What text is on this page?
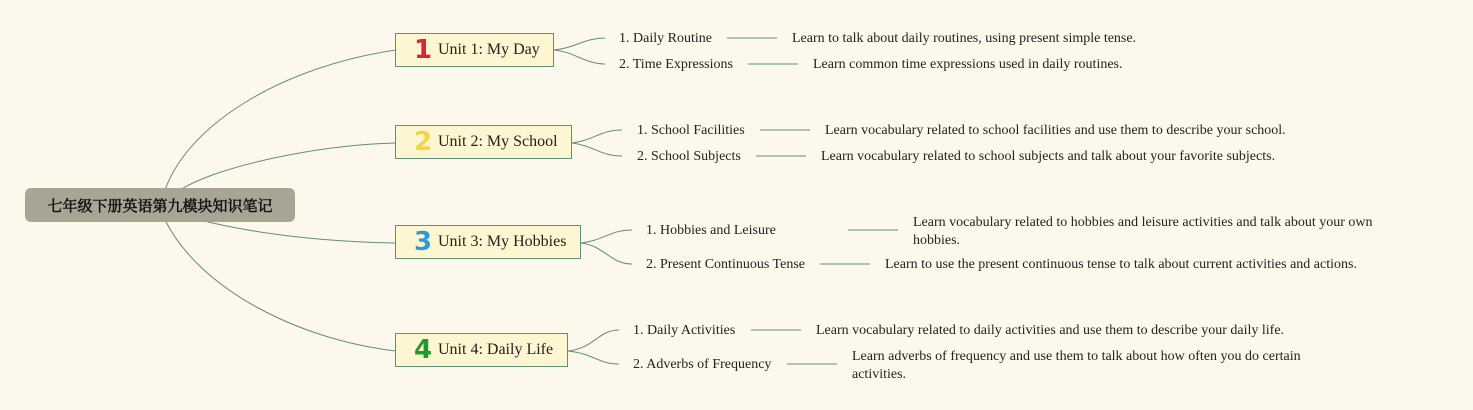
七年级下册英语第九模块知识笔记
1 Unit 1: My Day
1. Daily Routine	Learn to talk about daily routines, using present simple tense.
2. Time Expressions	Learn common time expressions used in daily routines.
2 Unit 2: My School
1. School Facilities	Learn vocabulary related to school facilities and use them to describe your school.
2. School Subjects	Learn vocabulary related to school subjects and talk about your favorite subjects.
3 Unit 3: My Hobbies
1. Hobbies and Leisure
Learn vocabulary related to hobbies and leisure activities and talk about your own hobbies.
2. Present Continuous Tense	Learn to use the present continuous tense to talk about current activities and actions.
4 Unit 4: Daily Life
1. Daily Activities	Learn vocabulary related to daily activities and use them to describe your daily life.
2. Adverbs of Frequency
Learn adverbs of frequency and use them to talk about how often you do certain activities.
